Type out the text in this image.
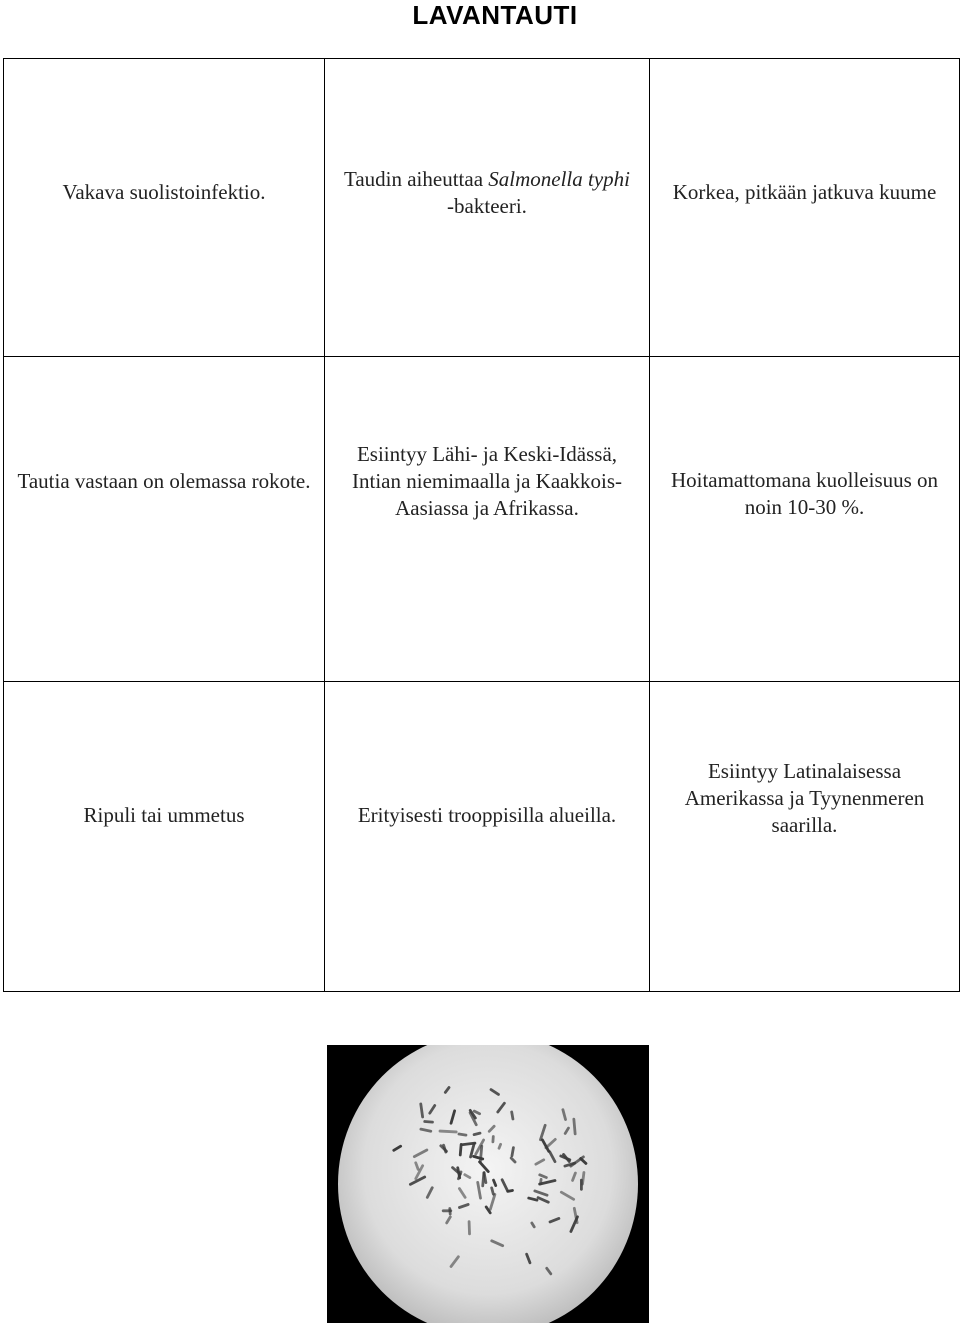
LAVANTAUTI
Vakava suolistoinfektio.
Taudin aiheuttaa Salmonella typhi
-bakteeri.
Korkea, pitkään jatkuva kuume
Tautia vastaan on olemassa rokote.
Esiintyy Lähi- ja Keski-Idässä, Intian niemimaalla ja Kaakkois-Aasiassa ja Afrikassa.
Hoitamattomana kuolleisuus on noin 10-30 %.
Ripuli tai ummetus	Erityisesti trooppisilla alueilla.
Esiintyy Latinalaisessa Amerikassa ja Tyynenmeren saarilla.
